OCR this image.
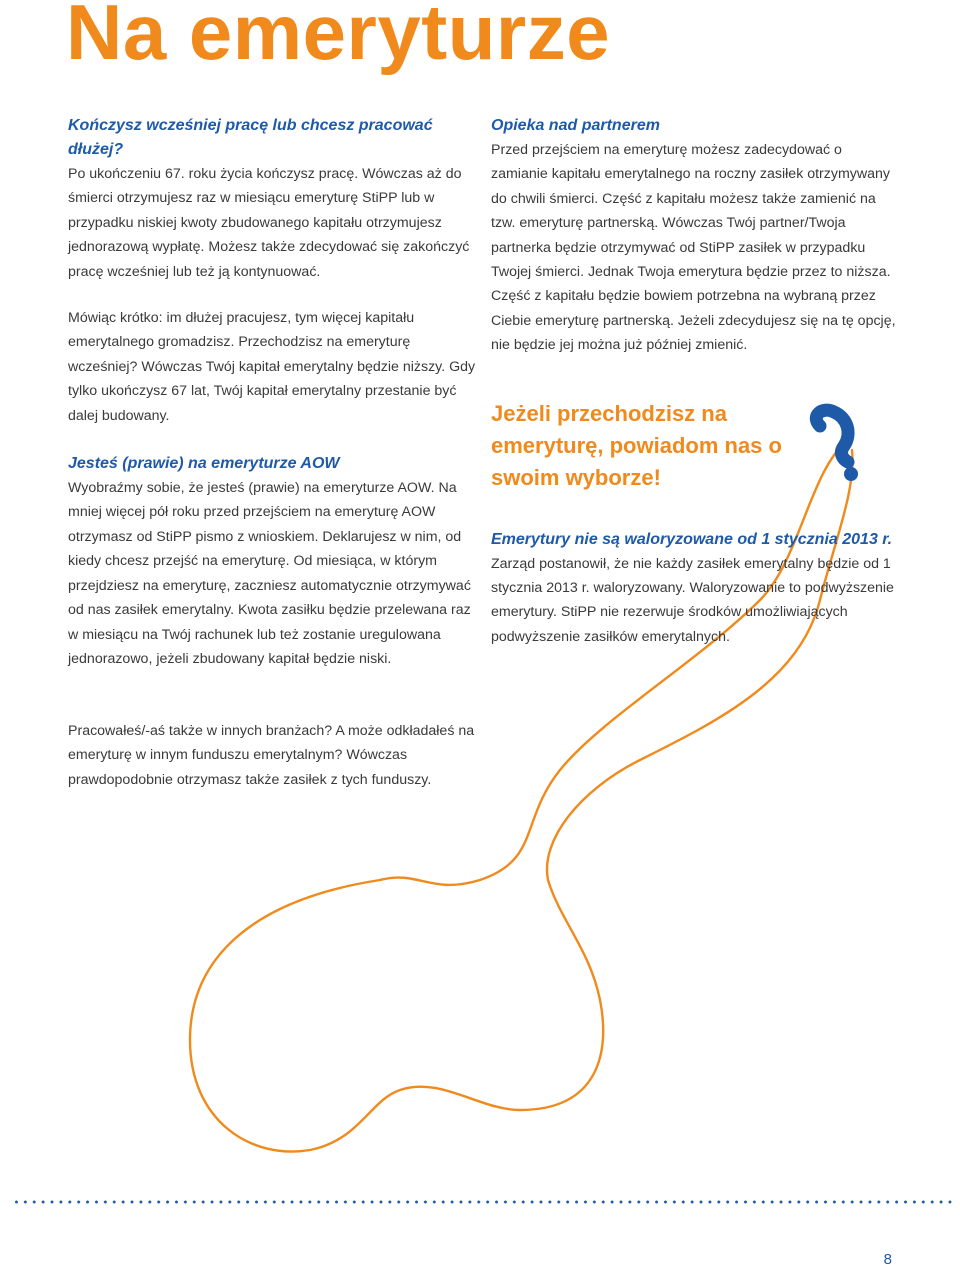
Na emeryturze
Kończysz wcześniej pracę lub chcesz pracować dłużej?

Po ukończeniu 67. roku życia kończysz pracę. Wówczas aż do śmierci otrzymujesz raz w miesiącu emeryturę StiPP lub w przypadku niskiej kwoty zbudowanego kapitału otrzymujesz jednorazową wypłatę. Możesz także zdecydować się zakończyć pracę wcześniej lub też ją kontynuować.

Mówiąc krótko: im dłużej pracujesz, tym więcej kapitału emerytalnego gromadzisz. Przechodzisz na emeryturę wcześniej? Wówczas Twój kapitał emerytalny będzie niższy. Gdy tylko ukończysz 67 lat, Twój kapitał emerytalny przestanie być dalej budowany.

Jesteś (prawie) na emeryturze AOW

Wyobraźmy sobie, że jesteś (prawie) na emeryturze AOW. Na mniej więcej pół roku przed przejściem na emeryturę AOW otrzymasz od StiPP pismo z wnioskiem. Deklarujesz w nim, od kiedy chcesz przejść na emeryturę. Od miesiąca, w którym przejdziesz na emeryturę, zaczniesz automatycznie otrzymywać od nas zasiłek emerytalny. Kwota zasiłku będzie przelewana raz w miesiącu na Twój rachunek lub też zostanie uregulowana jednorazowo, jeżeli zbudowany kapitał będzie niski.

Pracowałeś/-aś także w innych branżach? A może odkładałeś na emeryturę w innym funduszu emerytalnym? Wówczas prawdopodobnie otrzymasz także zasiłek z tych funduszy.

Opieka nad partnerem

Przed przejściem na emeryturę możesz zadecydować o zamianie kapitału emerytalnego na roczny zasiłek otrzymywany do chwili śmierci. Część z kapitału możesz także zamienić na tzw. emeryturę partnerską. Wówczas Twój partner/Twoja partnerka będzie otrzymywać od StiPP zasiłek w przypadku Twojej śmierci. Jednak Twoja emerytura będzie przez to niższa. Część z kapitału będzie bowiem potrzebna na wybraną przez Ciebie emeryturę partnerską. Jeżeli zdecydujesz się na tę opcję, nie będzie jej można już później zmienić.

Jeżeli przechodzisz na emeryturę, powiadom nas o swoim wyborze!

Emerytury nie są waloryzowane od 1 stycznia 2013 r.

Zarząd postanowił, że nie każdy zasiłek emerytalny będzie od 1 stycznia 2013 r. waloryzowany. Waloryzowanie to podwyższenie emerytury. StiPP nie rezerwuje środków umożliwiających podwyższenie zasiłków emerytalnych.

8
